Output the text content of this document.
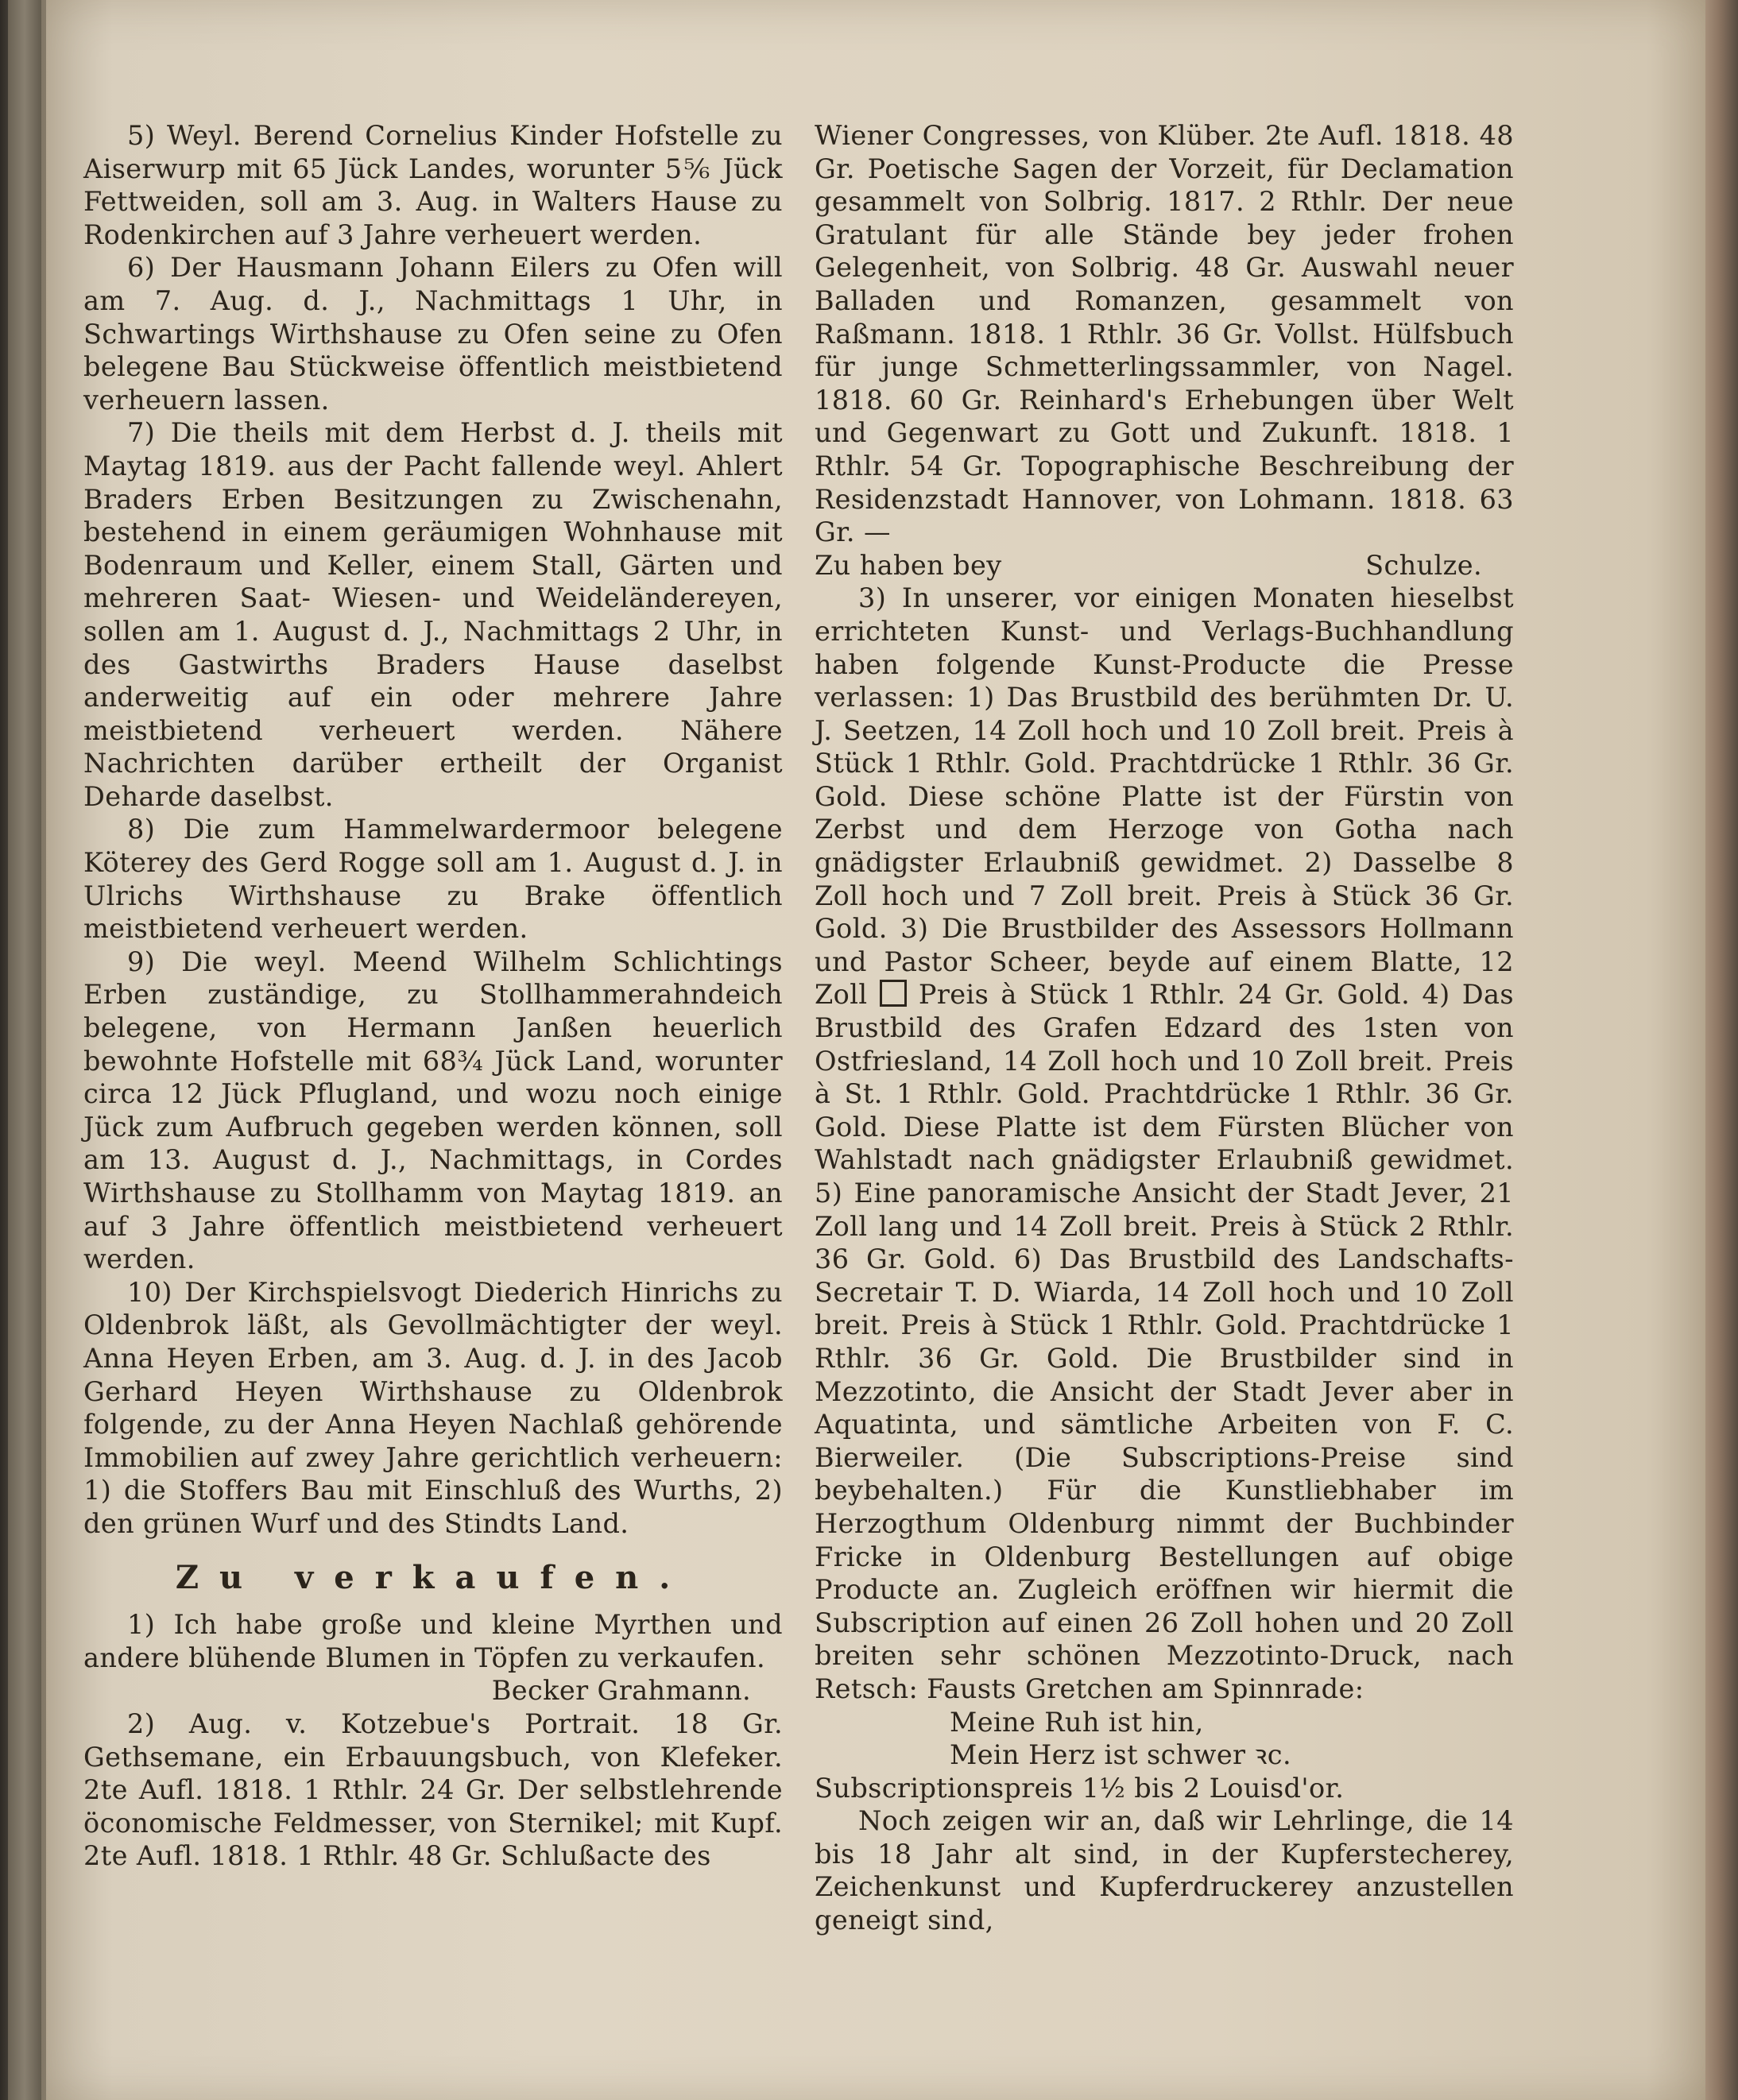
5) Weyl. Berend Cornelius Kinder Hofstelle zu Aiserwurp mit 65 Jück Landes, worunter 5⅚ Jück Fettweiden, soll am 3. Aug. in Walters Hause zu Rodenkirchen auf 3 Jahre verheuert werden.

6) Der Hausmann Johann Eilers zu Ofen will am 7. Aug. d. J., Nachmittags 1 Uhr, in Schwartings Wirthshause zu Ofen seine zu Ofen belegene Bau Stückweise öffentlich meistbietend verheuern lassen.

7) Die theils mit dem Herbst d. J. theils mit Maytag 1819. aus der Pacht fallende weyl. Ahlert Braders Erben Besitzungen zu Zwischenahn, bestehend in einem geräumigen Wohnhause mit Bodenraum und Keller, einem Stall, Gärten und mehreren Saat- Wiesen- und Weideländereyen, sollen am 1. August d. J., Nachmittags 2 Uhr, in des Gastwirths Braders Hause daselbst anderweitig auf ein oder mehrere Jahre meistbietend verheuert werden. Nähere Nachrichten darüber ertheilt der Organist Deharde daselbst.

8) Die zum Hammelwardermoor belegene Köterey des Gerd Rogge soll am 1. August d. J. in Ulrichs Wirthshause zu Brake öffentlich meistbietend verheuert werden.

9) Die weyl. Meend Wilhelm Schlichtings Erben zuständige, zu Stollhammerahndeich belegene, von Hermann Janßen heuerlich bewohnte Hofstelle mit 68¾ Jück Land, worunter circa 12 Jück Pflugland, und wozu noch einige Jück zum Aufbruch gegeben werden können, soll am 13. August d. J., Nachmittags, in Cordes Wirthshause zu Stollhamm von Maytag 1819. an auf 3 Jahre öffentlich meistbietend verheuert werden.

10) Der Kirchspielsvogt Diederich Hinrichs zu Oldenbrok läßt, als Gevollmächtigter der weyl. Anna Heyen Erben, am 3. Aug. d. J. in des Jacob Gerhard Heyen Wirthshause zu Oldenbrok folgende, zu der Anna Heyen Nachlaß gehörende Immobilien auf zwey Jahre gerichtlich verheuern: 1) die Stoffers Bau mit Einschluß des Wurths, 2) den grünen Wurf und des Stindts Land.

Zu verkaufen.

1) Ich habe große und kleine Myrthen und andere blühende Blumen in Töpfen zu verkaufen.

Becker Grahmann.

2) Aug. v. Kotzebue's Portrait. 18 Gr. Gethsemane, ein Erbauungsbuch, von Klefeker. 2te Aufl. 1818. 1 Rthlr. 24 Gr. Der selbstlehrende öconomische Feldmesser, von Sternikel; mit Kupf. 2te Aufl. 1818. 1 Rthlr. 48 Gr. Schlußacte des

Wiener Congresses, von Klüber. 2te Aufl. 1818. 48 Gr. Poetische Sagen der Vorzeit, für Declamation gesammelt von Solbrig. 1817. 2 Rthlr. Der neue Gratulant für alle Stände bey jeder frohen Gelegenheit, von Solbrig. 48 Gr. Auswahl neuer Balladen und Romanzen, gesammelt von Raßmann. 1818. 1 Rthlr. 36 Gr. Vollst. Hülfsbuch für junge Schmetterlingssammler, von Nagel. 1818. 60 Gr. Reinhard's Erhebungen über Welt und Gegenwart zu Gott und Zukunft. 1818. 1 Rthlr. 54 Gr. Topographische Beschreibung der Residenzstadt Hannover, von Lohmann. 1818. 63 Gr. —

Zu haben bey	Schulze.

3) In unserer, vor einigen Monaten hieselbst errichteten Kunst- und Verlags-Buchhandlung haben folgende Kunst-Producte die Presse verlassen: 1) Das Brustbild des berühmten Dr. U. J. Seetzen, 14 Zoll hoch und 10 Zoll breit. Preis à Stück 1 Rthlr. Gold. Prachtdrücke 1 Rthlr. 36 Gr. Gold. Diese schöne Platte ist der Fürstin von Zerbst und dem Herzoge von Gotha nach gnädigster Erlaubniß gewidmet. 2) Dasselbe 8 Zoll hoch und 7 Zoll breit. Preis à Stück 36 Gr. Gold. 3) Die Brustbilder des Assessors Hollmann und Pastor Scheer, beyde auf einem Blatte, 12 Zoll Preis à Stück 1 Rthlr. 24 Gr. Gold. 4) Das Brustbild des Grafen Edzard des 1sten von Ostfriesland, 14 Zoll hoch und 10 Zoll breit. Preis à St. 1 Rthlr. Gold. Prachtdrücke 1 Rthlr. 36 Gr. Gold. Diese Platte ist dem Fürsten Blücher von Wahlstadt nach gnädigster Erlaubniß gewidmet. 5) Eine panoramische Ansicht der Stadt Jever, 21 Zoll lang und 14 Zoll breit. Preis à Stück 2 Rthlr. 36 Gr. Gold. 6) Das Brustbild des Landschafts-Secretair T. D. Wiarda, 14 Zoll hoch und 10 Zoll breit. Preis à Stück 1 Rthlr. Gold. Prachtdrücke 1 Rthlr. 36 Gr. Gold. Die Brustbilder sind in Mezzotinto, die Ansicht der Stadt Jever aber in Aquatinta, und sämtliche Arbeiten von F. C. Bierweiler. (Die Subscriptions-Preise sind beybehalten.) Für die Kunstliebhaber im Herzogthum Oldenburg nimmt der Buchbinder Fricke in Oldenburg Bestellungen auf obige Producte an. Zugleich eröffnen wir hiermit die Subscription auf einen 26 Zoll hohen und 20 Zoll breiten sehr schönen Mezzotinto-Druck, nach Retsch: Fausts Gretchen am Spinnrade:

Meine Ruh ist hin,

Mein Herz ist schwer ꝛc.

Subscriptionspreis 1½ bis 2 Louisd'or.

Noch zeigen wir an, daß wir Lehrlinge, die 14 bis 18 Jahr alt sind, in der Kupferstecherey, Zeichenkunst und Kupferdruckerey anzustellen geneigt sind,
